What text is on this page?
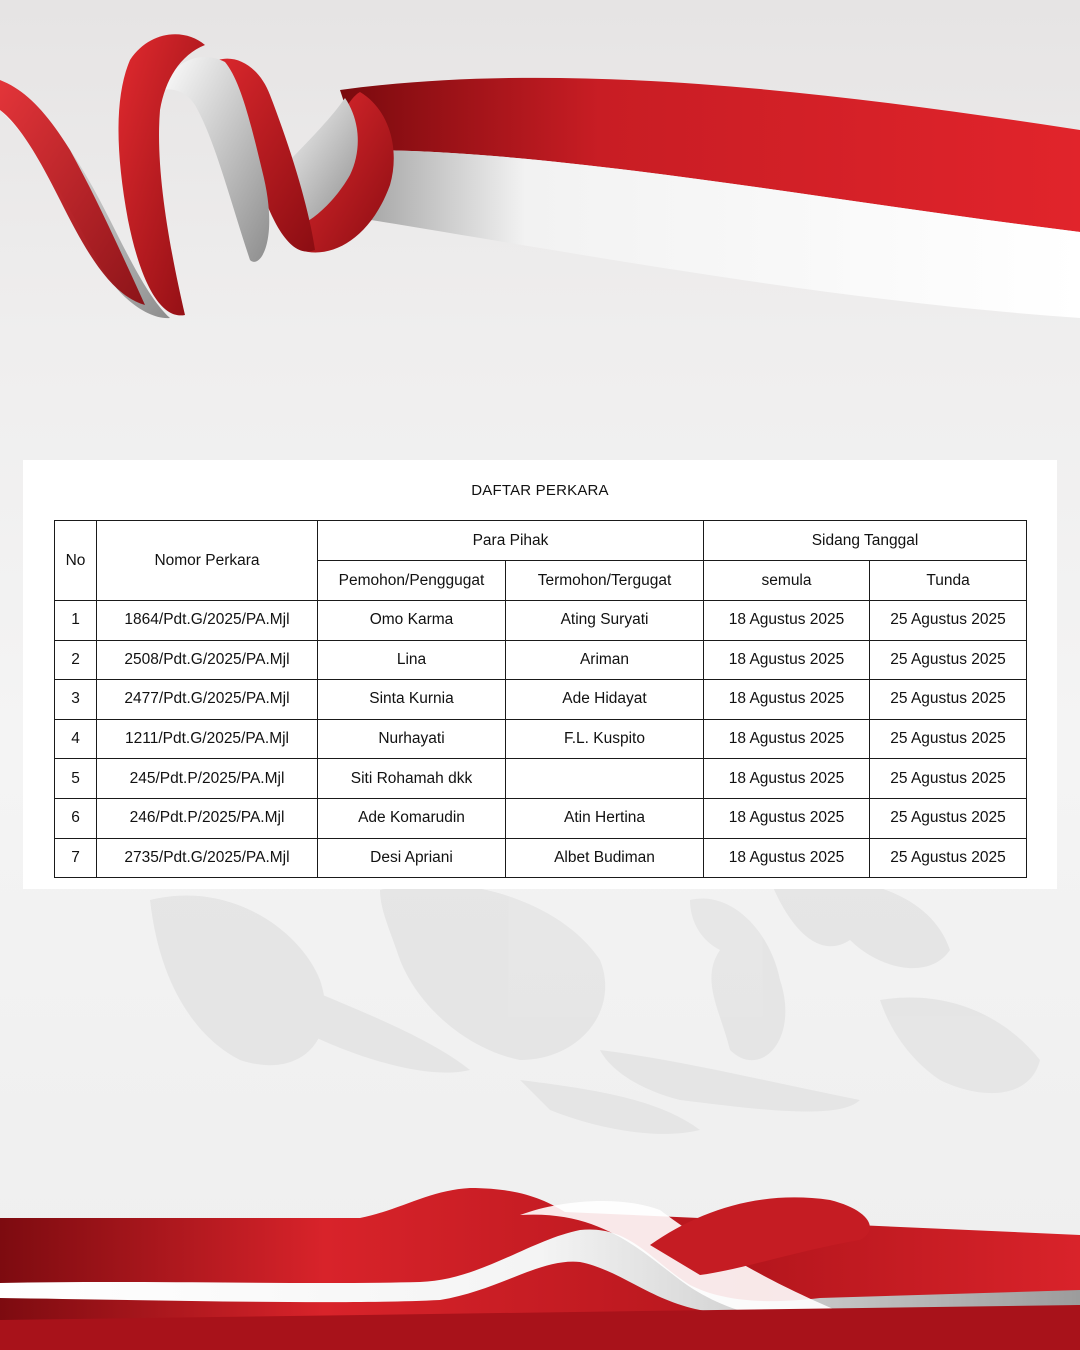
DAFTAR PERKARA
No	Nomor Perkara	Para Pihak		Sidang Tanggal	
		Pemohon/Penggugat	Termohon/Tergugat	semula	Tunda
1	1864/Pdt.G/2025/PA.Mjl	Omo Karma	Ating Suryati	18 Agustus 2025	25 Agustus 2025
2	2508/Pdt.G/2025/PA.Mjl	Lina	Ariman	18 Agustus 2025	25 Agustus 2025
3	2477/Pdt.G/2025/PA.Mjl	Sinta Kurnia	Ade Hidayat	18 Agustus 2025	25 Agustus 2025
4	1211/Pdt.G/2025/PA.Mjl	Nurhayati	F.L. Kuspito	18 Agustus 2025	25 Agustus 2025
5	245/Pdt.P/2025/PA.Mjl	Siti Rohamah dkk		18 Agustus 2025	25 Agustus 2025
6	246/Pdt.P/2025/PA.Mjl	Ade Komarudin	Atin Hertina	18 Agustus 2025	25 Agustus 2025
7	2735/Pdt.G/2025/PA.Mjl	Desi Apriani	Albet Budiman	18 Agustus 2025	25 Agustus 2025
